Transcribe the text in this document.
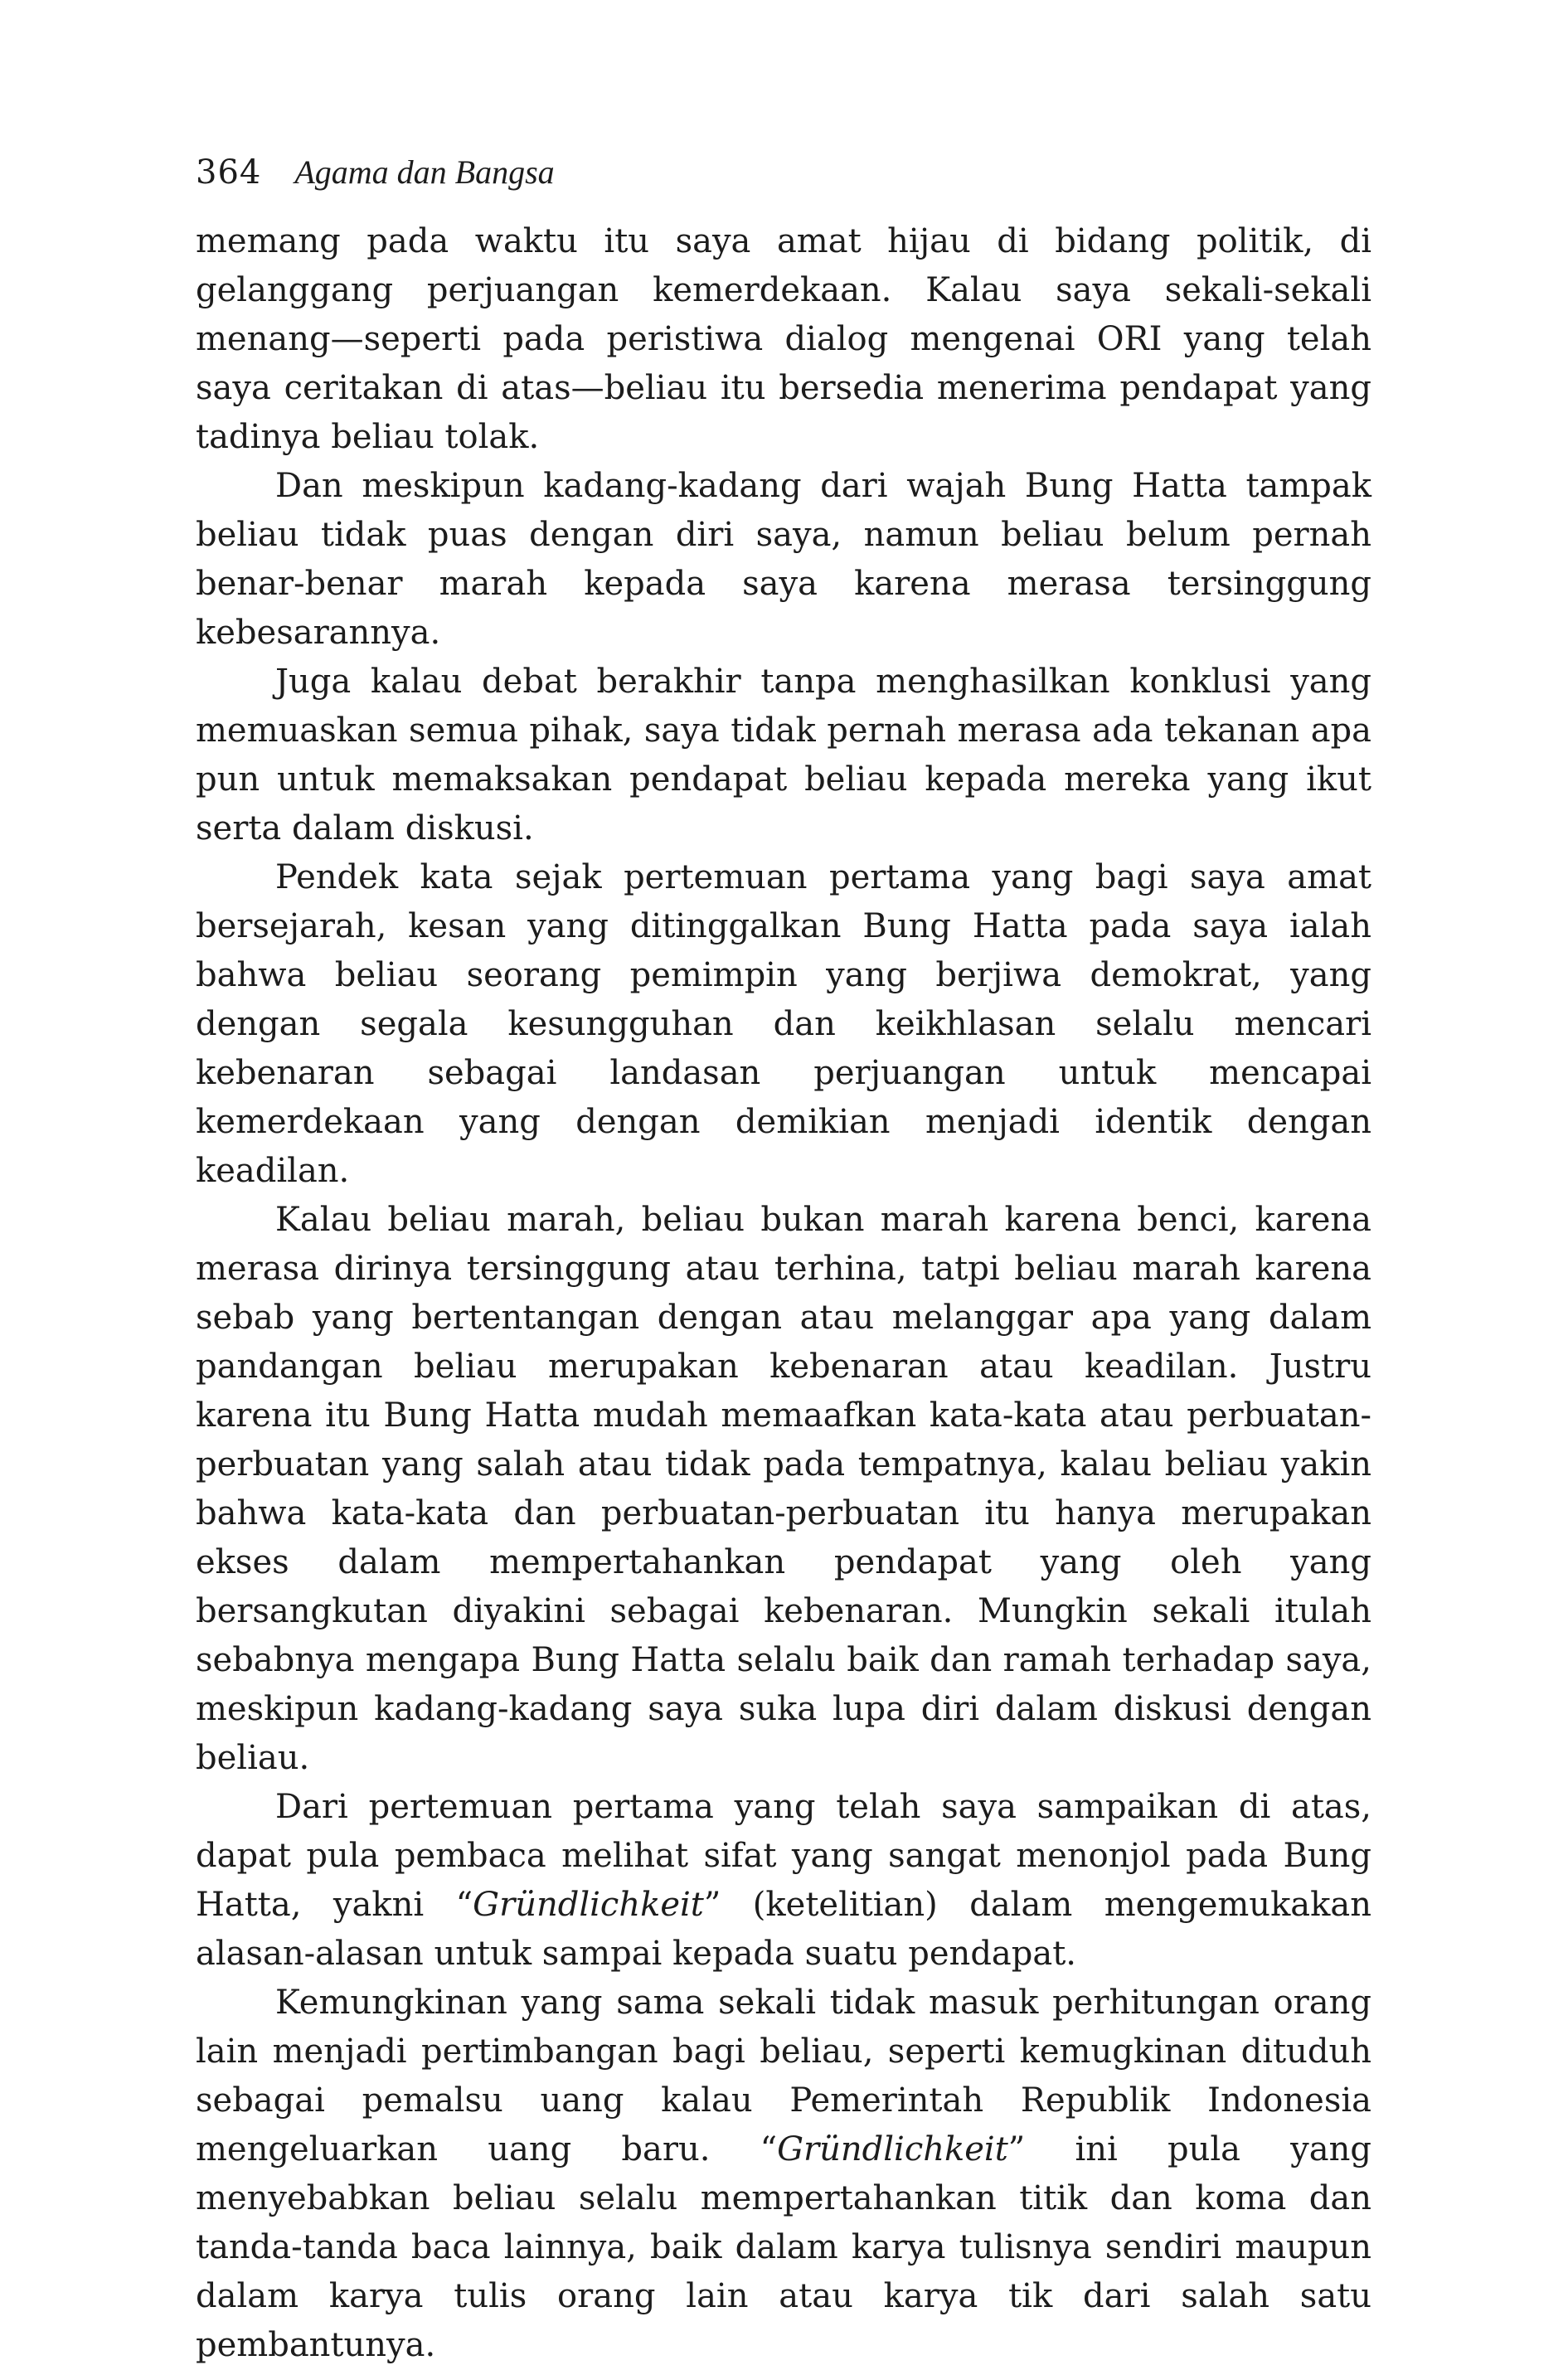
364 Agama dan Bangsa

memang pada waktu itu saya amat hijau di bidang politik, di gelanggang perjuangan kemerdekaan. Kalau saya sekali-sekali menang—seperti pada peristiwa dialog mengenai ORI yang telah saya ceritakan di atas—beliau itu bersedia menerima pendapat yang tadinya beliau tolak.

Dan meskipun kadang-kadang dari wajah Bung Hatta tampak beliau tidak puas dengan diri saya, namun beliau belum pernah benar-benar marah kepada saya karena merasa tersinggung kebesarannya.

Juga kalau debat berakhir tanpa menghasilkan konklusi yang memuaskan semua pihak, saya tidak pernah merasa ada tekanan apa pun untuk memaksakan pendapat beliau kepada mereka yang ikut serta dalam diskusi.

Pendek kata sejak pertemuan pertama yang bagi saya amat bersejarah, kesan yang ditinggalkan Bung Hatta pada saya ialah bahwa beliau seorang pemimpin yang berjiwa demokrat, yang dengan segala kesungguhan dan keikhlasan selalu mencari kebenaran sebagai landasan perjuangan untuk mencapai kemerdekaan yang dengan demikian menjadi identik dengan keadilan.

Kalau beliau marah, beliau bukan marah karena benci, karena merasa dirinya tersinggung atau terhina, tatpi beliau marah karena sebab yang bertentangan dengan atau melanggar apa yang dalam pandangan beliau merupakan kebenaran atau keadilan. Justru karena itu Bung Hatta mudah memaafkan kata-kata atau perbuatan-perbuatan yang salah atau tidak pada tempatnya, kalau beliau yakin bahwa kata-kata dan perbuatan-perbuatan itu hanya merupakan ekses dalam mempertahankan pendapat yang oleh yang bersangkutan diyakini sebagai kebenaran. Mungkin sekali itulah sebabnya mengapa Bung Hatta selalu baik dan ramah terhadap saya, meskipun kadang-kadang saya suka lupa diri dalam diskusi dengan beliau.

Dari pertemuan pertama yang telah saya sampaikan di atas, dapat pula pembaca melihat sifat yang sangat menonjol pada Bung Hatta, yakni “Gründlichkeit” (ketelitian) dalam mengemukakan alasan-alasan untuk sampai kepada suatu pendapat.

Kemungkinan yang sama sekali tidak masuk perhitungan orang lain menjadi pertimbangan bagi beliau, seperti kemugkinan dituduh sebagai pemalsu uang kalau Pemerintah Republik Indonesia mengeluarkan uang baru. “Gründlichkeit” ini pula yang menyebabkan beliau selalu mempertahankan titik dan koma dan tanda-tanda baca lainnya, baik dalam karya tulisnya sendiri maupun dalam karya tulis orang lain atau karya tik dari salah satu pembantunya.
